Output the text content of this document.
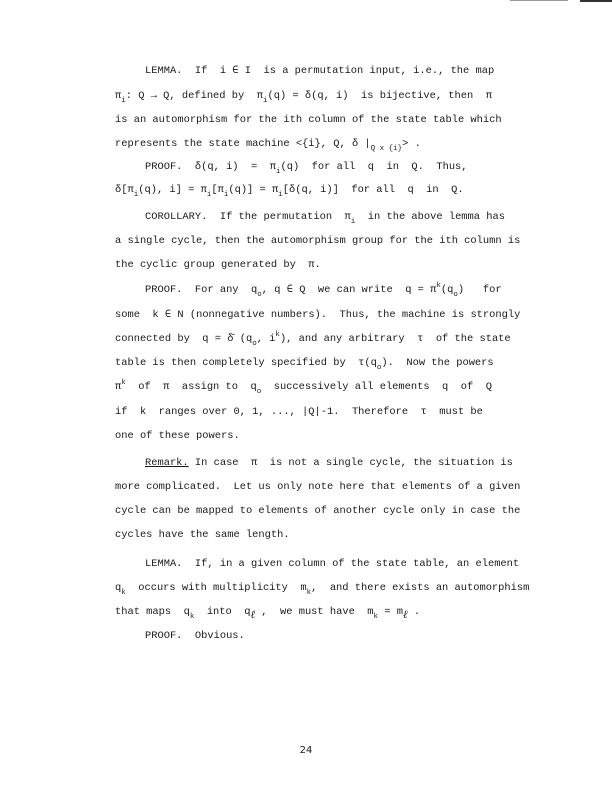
LEMMA.  If  i ∈ I  is a permutation input, i.e., the map
$\pi_i$: Q → Q, defined by  $\pi_i(q) = \delta(q$, i)  is bijective, then  π
is an automorphism for the ith column of the state table which
represents the state machine <{i}, Q, δ $|_{Q x \{i\}}>$ .
PROOF.  δ(q, $i) = \pi_i(q)$  for all  q  in  Q.  Thus,
$\delta[\pi_i(q)$, $i] = \pi_i[\pi_i(q)] = \pi_i[\delta(q$, i)]  for all  q  in  Q.
COROLLARY.  If the permutation  $\pi_i$  in the above lemma has
a single cycle, then the automorphism group for the ith column is
the cyclic group generated by  π.
PROOF.  For any  $q_o$, q ∈ Q  we can write  $q = \pi^k(q_o)$   for
some  k ∈ N (nonnegative numbers).  Thus, the machine is strongly
connected by  q = δ̄ ($q_o$, $i^k$), and any arbitrary  τ  of the state
table is then completely specified by  $\tau(q_o)$.  Now the powers
$\pi^k$  of  π  assign to  $q_o$  successively all elements  q  of  Q
if  k  ranges over 0, 1, ..., |Q|-1.  Therefore  τ  must be
one of these powers.
Remark. In case  π  is not a single cycle, the situation is
more complicated.  Let us only note here that elements of a given
cycle can be mapped to elements of another cycle only in case the
cycles have the same length.
LEMMA.  If, in a given column of the state table, an element
$q_k$  occurs with multiplicity  $m_k$,  and there exists an automorphism
that maps  $q_k$  into  $q_\ell$ ,  we must have  $m_k = m_\ell$ .
PROOF.  Obvious.
24
